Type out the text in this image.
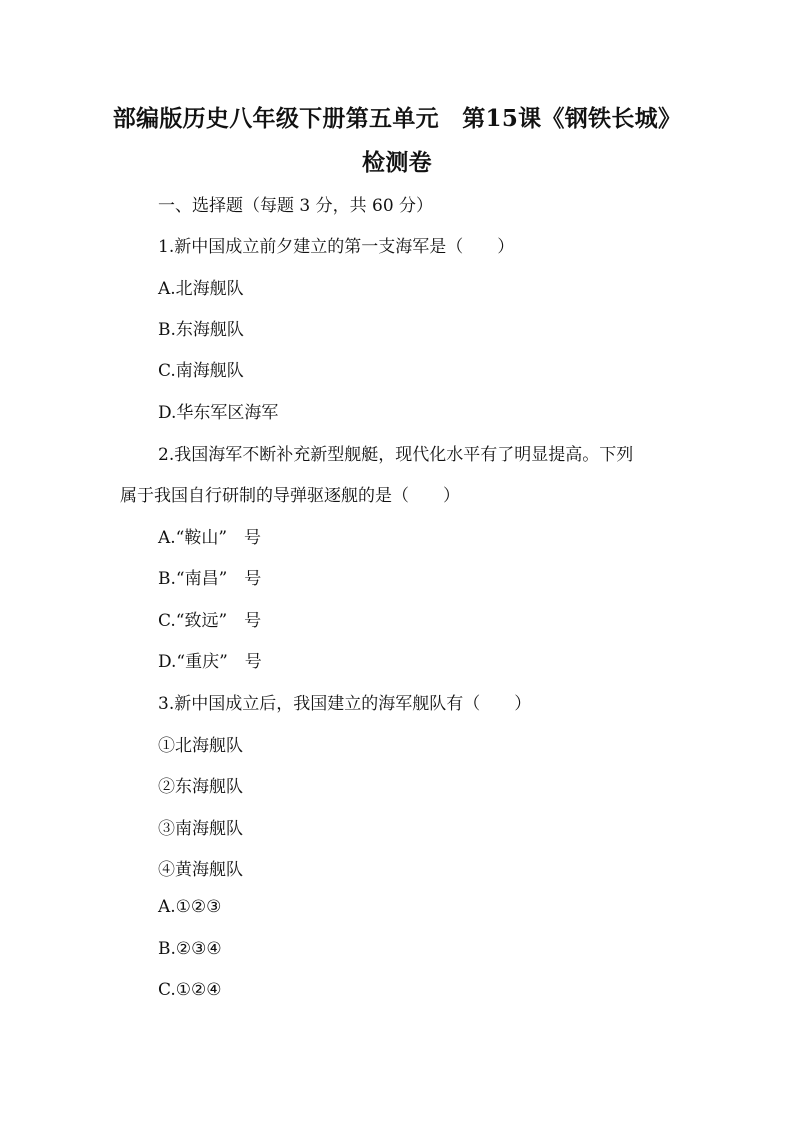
部编版历史八年级下册第五单元　第15课《钢铁长城》
检测卷
一、选择题（每题 3 分，共 60 分）
1.新中国成立前夕建立的第一支海军是（　　）
A.北海舰队
B.东海舰队
C.南海舰队
D.华东军区海军
2.我国海军不断补充新型舰艇，现代化水平有了明显提高。下列
属于我国自行研制的导弹驱逐舰的是（　　）
A.“鞍山”　号
B.“南昌”　号
C.“致远”　号
D.“重庆”　号
3.新中国成立后，我国建立的海军舰队有（　　）
①北海舰队
②东海舰队
③南海舰队
④黄海舰队
A.①②③
B.②③④
C.①②④
